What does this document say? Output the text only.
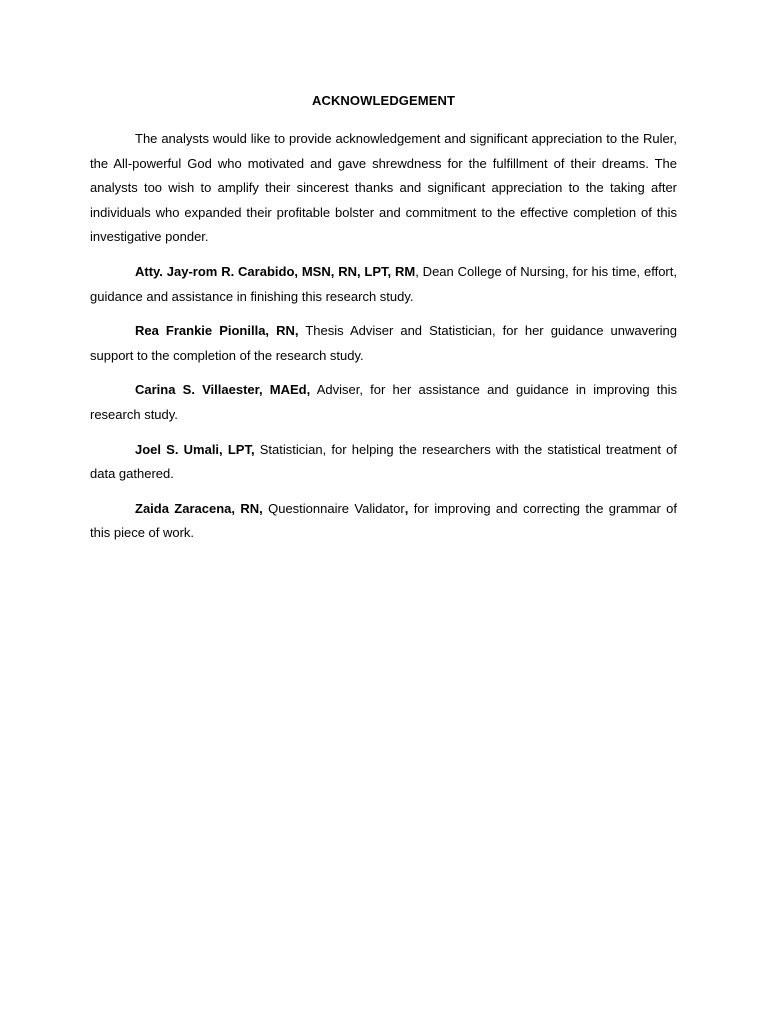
ACKNOWLEDGEMENT

The analysts would like to provide acknowledgement and significant appreciation to the Ruler, the All-powerful God who motivated and gave shrewdness for the fulfillment of their dreams. The analysts too wish to amplify their sincerest thanks and significant appreciation to the taking after individuals who expanded their profitable bolster and commitment to the effective completion of this investigative ponder.

Atty. Jay-rom R. Carabido, MSN, RN, LPT, RM, Dean College of Nursing, for his time, effort, guidance and assistance in finishing this research study.

Rea Frankie Pionilla, RN, Thesis Adviser and Statistician, for her guidance unwavering support to the completion of the research study.

Carina S. Villaester, MAEd, Adviser, for her assistance and guidance in improving this research study.

Joel S. Umali, LPT, Statistician, for helping the researchers with the statistical treatment of data gathered.

Zaida Zaracena, RN, Questionnaire Validator, for improving and correcting the grammar of this piece of work.
